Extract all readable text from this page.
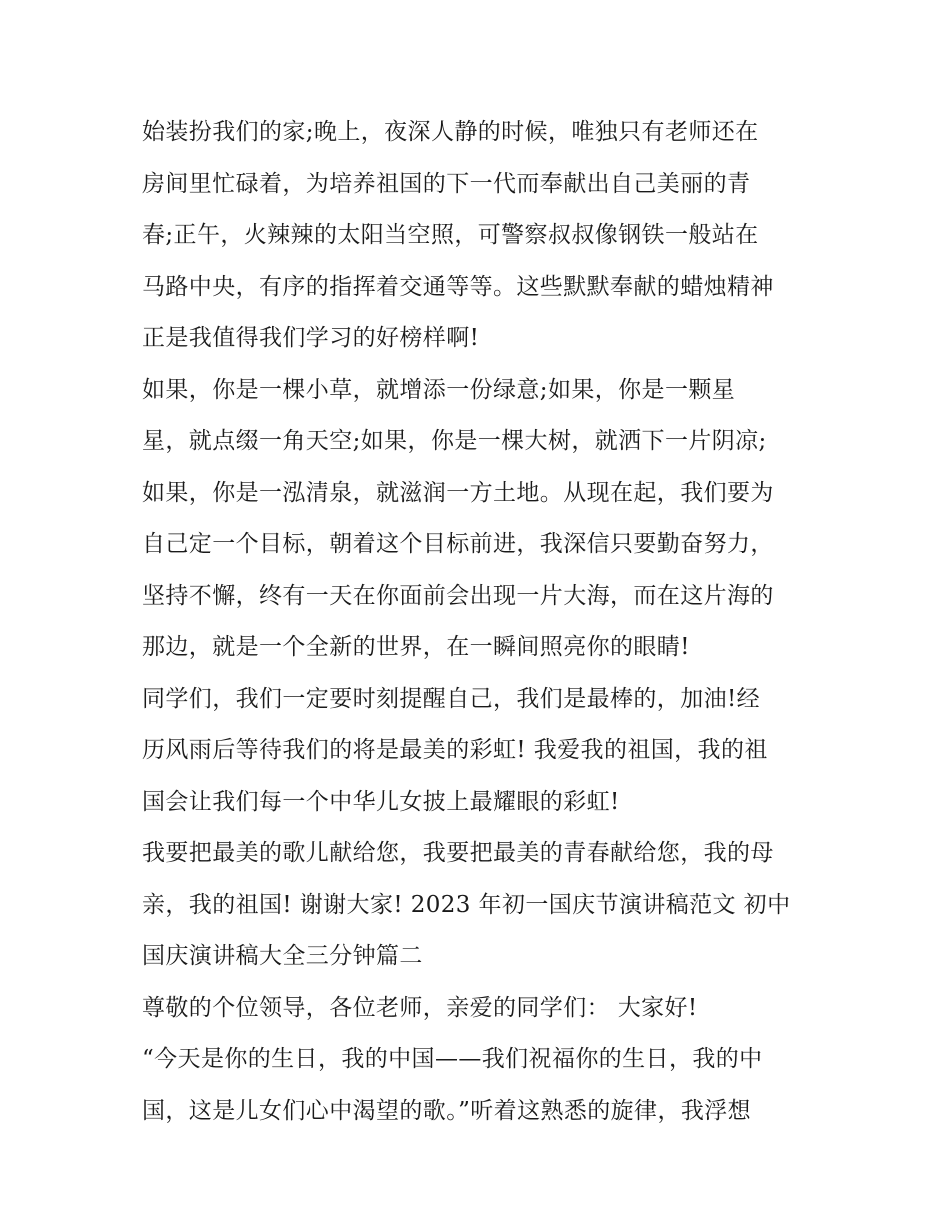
始装扮我们的家;晚上，夜深人静的时候，唯独只有老师还在
房间里忙碌着，为培养祖国的下一代而奉献出自己美丽的青
春;正午，火辣辣的太阳当空照，可警察叔叔像钢铁一般站在
马路中央，有序的指挥着交通等等。这些默默奉献的蜡烛精神
正是我值得我们学习的好榜样啊!
如果，你是一棵小草，就增添一份绿意;如果，你是一颗星
星，就点缀一角天空;如果，你是一棵大树，就洒下一片阴凉;
如果，你是一泓清泉，就滋润一方土地。从现在起，我们要为
自己定一个目标，朝着这个目标前进，我深信只要勤奋努力，
坚持不懈，终有一天在你面前会出现一片大海，而在这片海的
那边，就是一个全新的世界，在一瞬间照亮你的眼睛!
同学们，我们一定要时刻提醒自己，我们是最棒的，加油!经
历风雨后等待我们的将是最美的彩虹! 我爱我的祖国，我的祖
国会让我们每一个中华儿女披上最耀眼的彩虹!
我要把最美的歌儿献给您，我要把最美的青春献给您，我的母
亲，我的祖国! 谢谢大家! 2023 年初一国庆节演讲稿范文 初中
国庆演讲稿大全三分钟篇二
尊敬的个位领导，各位老师，亲爱的同学们： 大家好!
“今天是你的生日，我的中国——我们祝福你的生日，我的中
国，这是儿女们心中渴望的歌。”听着这熟悉的旋律，我浮想
